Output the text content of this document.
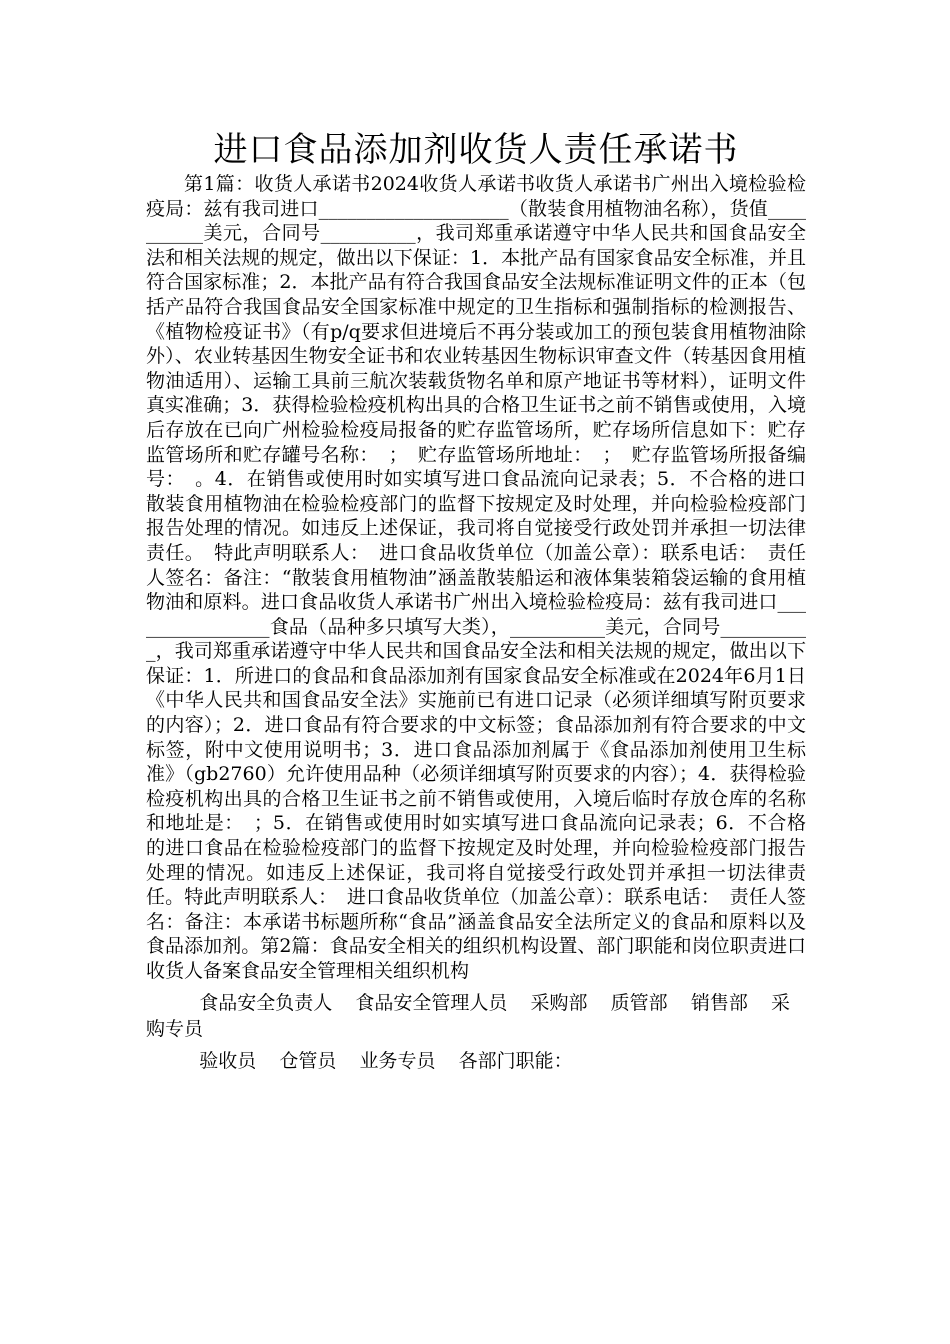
进口食品添加剂收货人责任承诺书

第1篇：收货人承诺书2024收货人承诺书收货人承诺书广州出入境检验检疫局：兹有我司进口____________________（散装食用植物油名称），货值__________美元，合同号__________，我司郑重承诺遵守中华人民共和国食品安全法和相关法规的规定，做出以下保证：1．本批产品有国家食品安全标准，并且符合国家标准；2．本批产品有符合我国食品安全法规标准证明文件的正本（包括产品符合我国食品安全国家标准中规定的卫生指标和强制指标的检测报告、《植物检疫证书》（有p/q要求但进境后不再分装或加工的预包装食用植物油除外）、农业转基因生物安全证书和农业转基因生物标识审查文件（转基因食用植物油适用）、运输工具前三航次装载货物名单和原产地证书等材料），证明文件真实准确；3．获得检验检疫机构出具的合格卫生证书之前不销售或使用，入境后存放在已向广州检验检疫局报备的贮存监管场所，贮存场所信息如下：贮存监管场所和贮存罐号名称：　；　贮存监管场所地址：　；　贮存监管场所报备编号：　。4．在销售或使用时如实填写进口食品流向记录表；5．不合格的进口散装食用植物油在检验检疫部门的监督下按规定及时处理，并向检验检疫部门报告处理的情况。如违反上述保证，我司将自觉接受行政处罚并承担一切法律责任。　特此声明联系人：　进口食品收货单位（加盖公章）：联系电话：　责任人签名：备注：“散装食用植物油”涵盖散装船运和液体集装箱袋运输的食用植物油和原料。进口食品收货人承诺书广州出入境检验检疫局：兹有我司进口________________食品（品种多只填写大类），__________美元，合同号__________，我司郑重承诺遵守中华人民共和国食品安全法和相关法规的规定，做出以下保证：1．所进口的食品和食品添加剂有国家食品安全标准或在2024年6月1日《中华人民共和国食品安全法》实施前已有进口记录（必须详细填写附页要求的内容）；2．进口食品有符合要求的中文标签；食品添加剂有符合要求的中文标签，附中文使用说明书；3．进口食品添加剂属于《食品添加剂使用卫生标准》（gb2760）允许使用品种（必须详细填写附页要求的内容）；4．获得检验检疫机构出具的合格卫生证书之前不销售或使用，入境后临时存放仓库的名称和地址是：　；5．在销售或使用时如实填写进口食品流向记录表；6．不合格的进口食品在检验检疫部门的监督下按规定及时处理，并向检验检疫部门报告处理的情况。如违反上述保证，我司将自觉接受行政处罚并承担一切法律责任。特此声明联系人：　进口食品收货单位（加盖公章）：联系电话：　责任人签名：备注：本承诺书标题所称“食品”涵盖食品安全法所定义的食品和原料以及食品添加剂。第2篇：食品安全相关的组织机构设置、部门职能和岗位职责进口收货人备案食品安全管理相关组织机构

食品安全负责人 食品安全管理人员 采购部 质管部 销售部 采购专员

验收员 仓管员 业务专员 各部门职能：
